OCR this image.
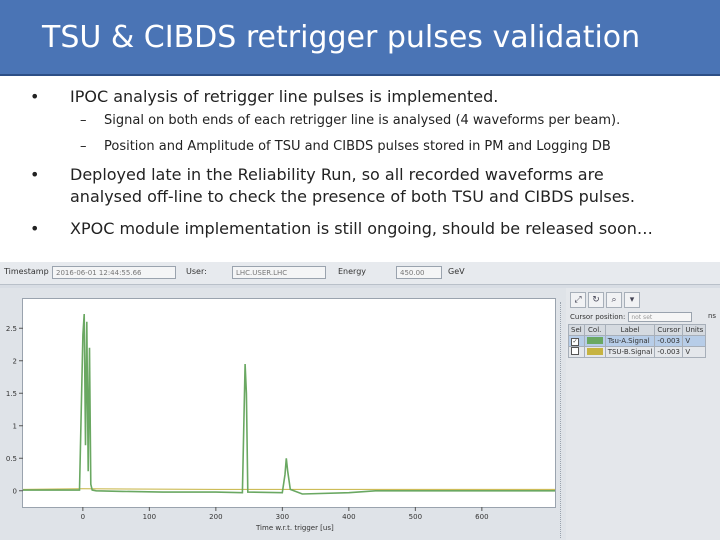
TSU & CIBDS retrigger pulses validation
• IPOC analysis of retrigger line pulses is implemented.
– Signal on both ends of each retrigger line is analysed (4 waveforms per beam).
– Position and Amplitude of TSU and CIBDS pulses stored in PM and Logging DB
• Deployed late in the Reliability Run, so all recorded waveforms are analysed off-line to check the presence of both TSU and CIBDS pulses.
• XPOC module implementation is still ongoing, should be released soon…
Timestamp	2016-06-01 12:44:55.66	User:	LHC.USER.LHC	Energy	450.00	GeV
0	100	200	300	400	500	600
0
0.5
1
1.5
2
2.5
Time w.r.t. trigger [us]
⤢ ↻ ⌕ ▾
Cursor position: not set	ns
Sel	Col.	Label	Cursor	Units
✓		Tsu-A.Signal	-0.003	V
		TSU-B.Signal	-0.003	V
